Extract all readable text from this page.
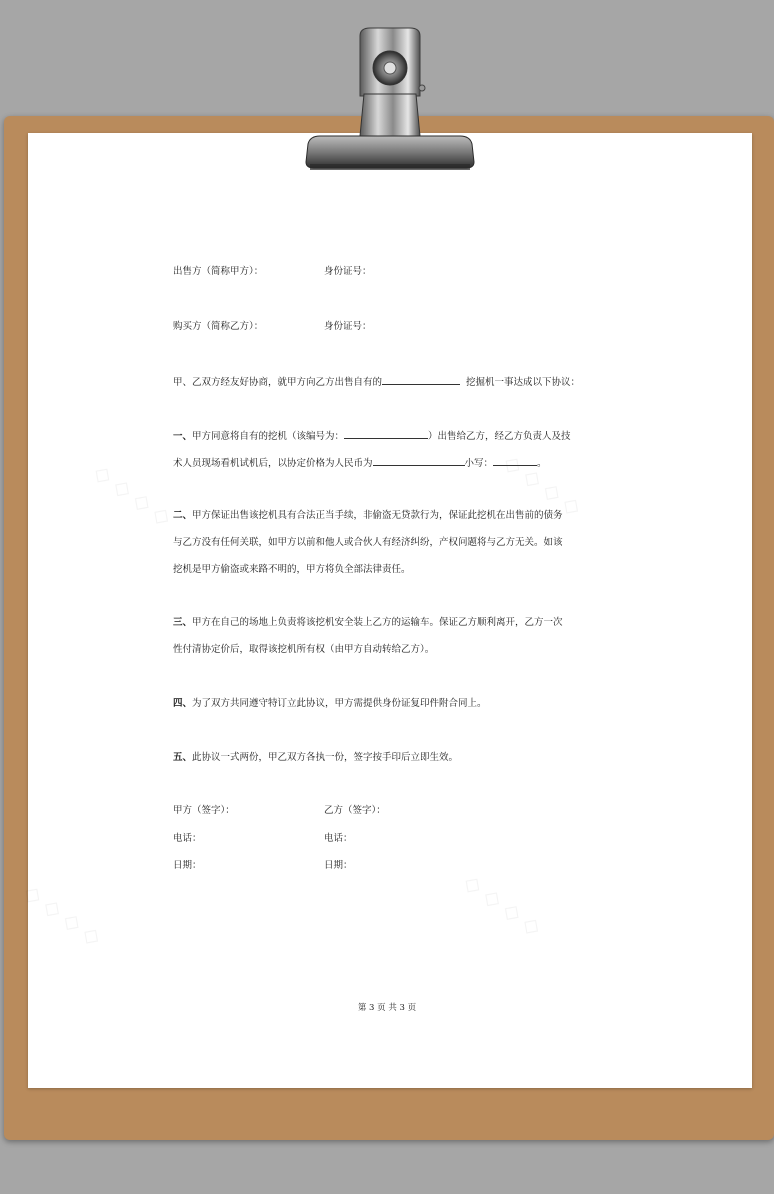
出售方（简称甲方）：	身份证号：
购买方（简称乙方）：	身份证号：
甲、乙双方经友好协商，就甲方向乙方出售自有的	挖掘机一事达成以下协议：
一、甲方同意将自有的挖机（该编号为：	）出售给乙方，经乙方负责人及技
术人员现场看机试机后，以协定价格为人民币为	小写：	。
二、甲方保证出售该挖机具有合法正当手续，非偷盗无贷款行为，保证此挖机在出售前的债务
与乙方没有任何关联，如甲方以前和他人或合伙人有经济纠纷，产权问题将与乙方无关。如该
挖机是甲方偷盗或来路不明的，甲方将负全部法律责任。
三、甲方在自己的场地上负责将该挖机安全装上乙方的运输车。保证乙方顺利离开，乙方一次
性付清协定价后，取得该挖机所有权（由甲方自动转给乙方）。
四、为了双方共同遵守特订立此协议，甲方需提供身份证复印件附合同上。
五、此协议一式两份，甲乙双方各执一份，签字按手印后立即生效。
甲方（签字）：	乙方（签字）：
电话：	电话：
日期：	日期：
第 3 页 共 3 页
